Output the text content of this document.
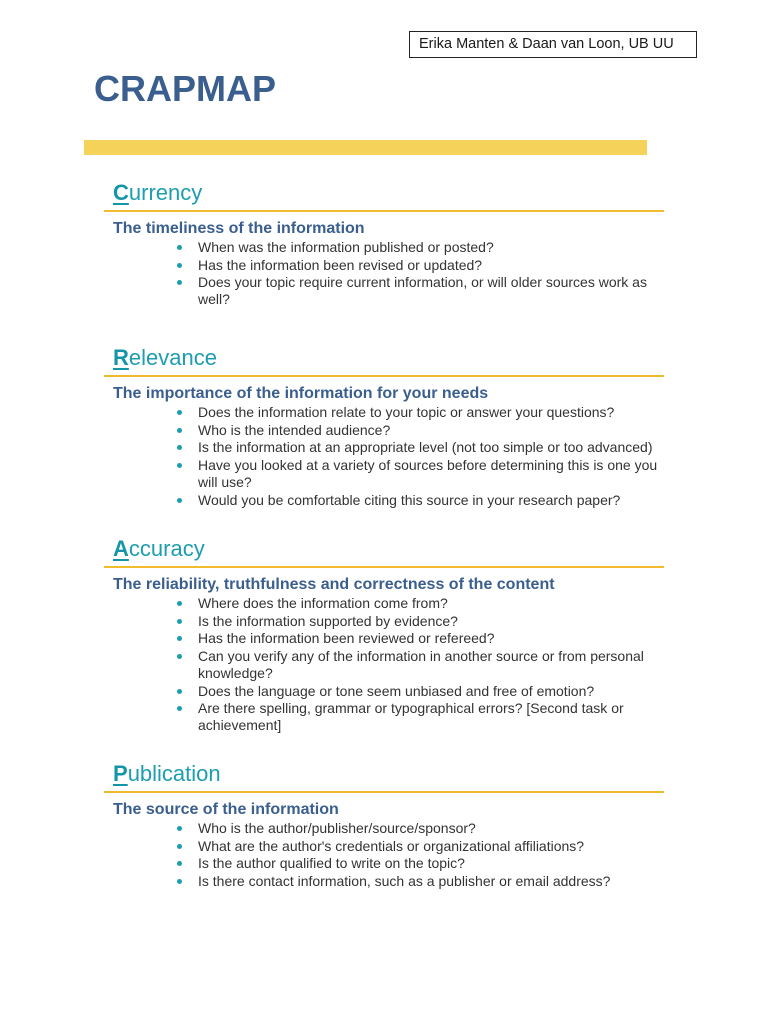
Erika Manten & Daan van Loon, UB UU
CRAPMAP
Currency
The timeliness of the information
When was the information published or posted?
Has the information been revised or updated?
Does your topic require current information, or will older sources work as well?
Relevance
The importance of the information for your needs
Does the information relate to your topic or answer your questions?
Who is the intended audience?
Is the information at an appropriate level (not too simple or too advanced)
Have you looked at a variety of sources before determining this is one you will use?
Would you be comfortable citing this source in your research paper?
Accuracy
The reliability, truthfulness and correctness of the content
Where does the information come from?
Is the information supported by evidence?
Has the information been reviewed or refereed?
Can you verify any of the information in another source or from personal knowledge?
Does the language or tone seem unbiased and free of emotion?
Are there spelling, grammar or typographical errors? [Second task or achievement]
Publication
The source of the information
Who is the author/publisher/source/sponsor?
What are the author's credentials or organizational affiliations?
Is the author qualified to write on the topic?
Is there contact information, such as a publisher or email address?
